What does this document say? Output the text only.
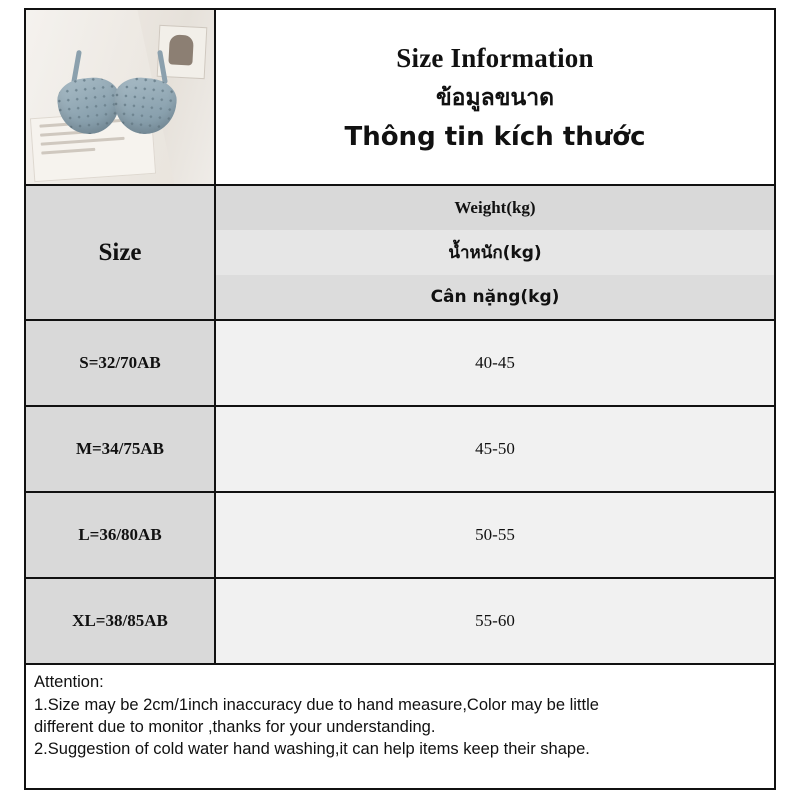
Size Information
ข้อมูลขนาด
Thông tin kích thước
Size
Weight(kg)
น้ำหนัก(kg)
Cân nặng(kg)
S=32/70AB	40-45
M=34/75AB	45-50
L=36/80AB	50-55
XL=38/85AB	55-60
Attention:
1.Size may be 2cm/1inch inaccuracy due to hand measure,Color may be little
different due to monitor ,thanks for your understanding.
2.Suggestion of cold water hand washing,it can help items keep their shape.
